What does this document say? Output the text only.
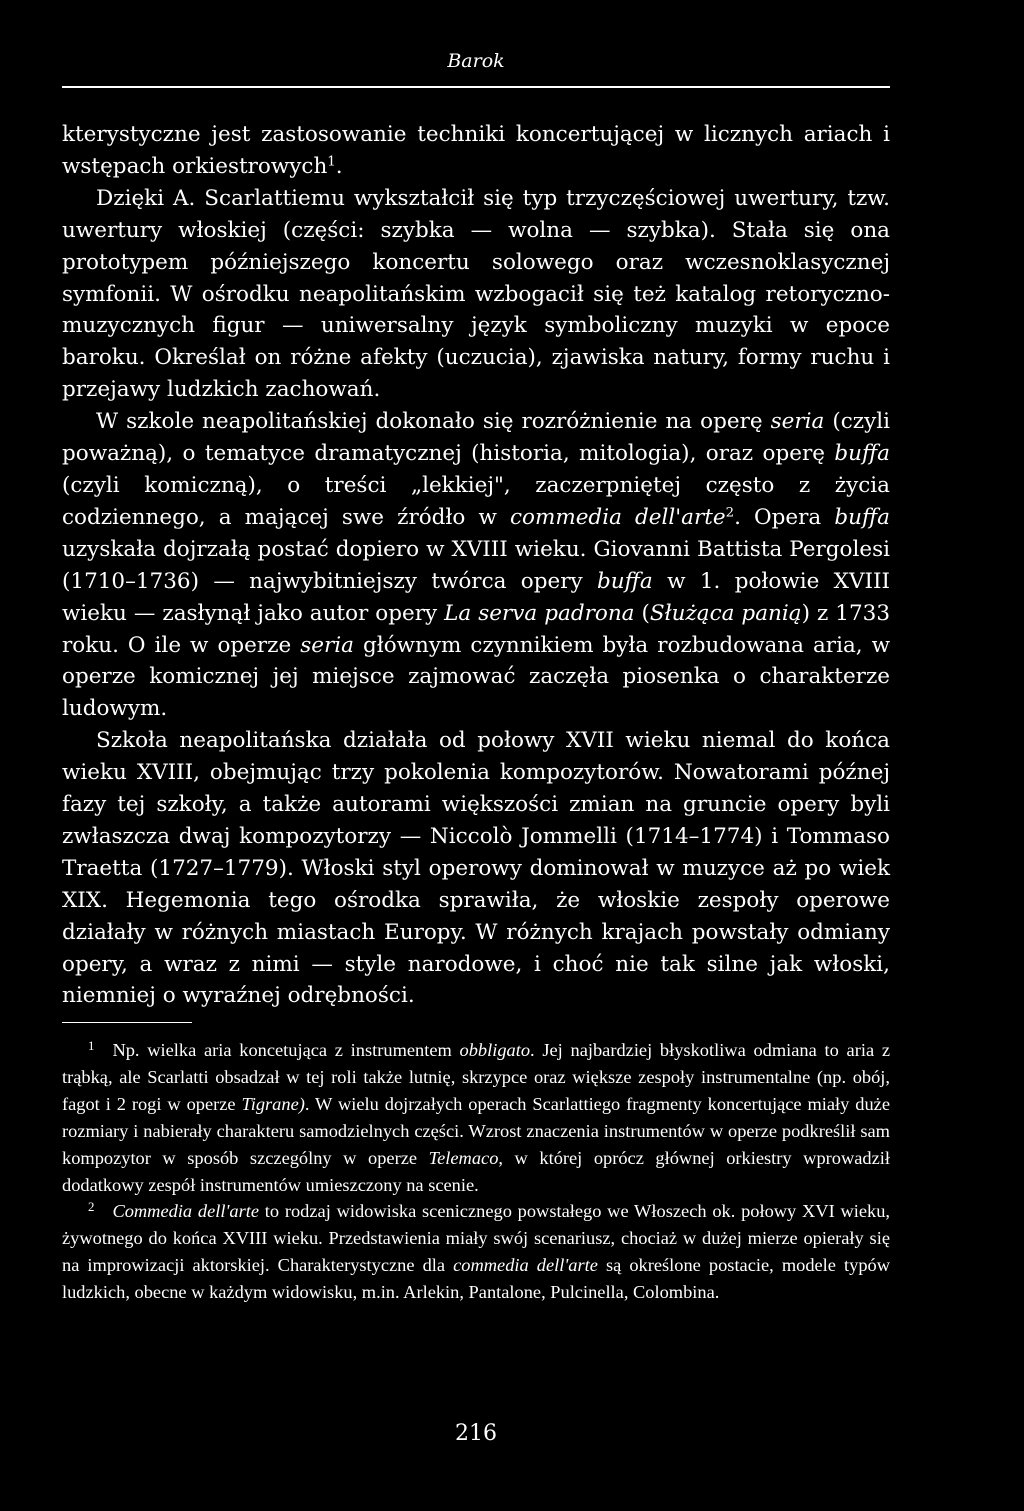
Barok

kterystyczne jest zastosowanie techniki koncertującej w licznych ariach i wstępach orkiestrowych$^1$.

Dzięki A. Scarlattiemu wykształcił się typ trzyczęściowej uwertury, tzw. uwertury włoskiej (części: szybka — wolna — szybka). Stała się ona prototypem późniejszego koncertu solowego oraz wczesnoklasycznej symfonii. W ośrodku neapolitańskim wzbogacił się też katalog retoryczno-muzycznych figur — uniwersalny język symboliczny muzyki w epoce baroku. Określał on różne afekty (uczucia), zjawiska natury, formy ruchu i przejawy ludzkich zachowań.

W szkole neapolitańskiej dokonało się rozróżnienie na operę seria (czyli poważną), o tematyce dramatycznej (historia, mitologia), oraz operę buffa (czyli komiczną), o treści „lekkiej", zaczerpniętej często z życia codziennego, a mającej swe źródło w commedia dell'arte$^2$. Opera buffa uzyskała dojrzałą postać dopiero w XVIII wieku. Giovanni Battista Pergolesi (1710–1736) — najwybitniejszy twórca opery buffa w 1. połowie XVIII wieku — zasłynął jako autor opery La serva padrona (Służąca panią) z 1733 roku. O ile w operze seria głównym czynnikiem była rozbudowana aria, w operze komicznej jej miejsce zajmować zaczęła piosenka o charakterze ludowym.

Szkoła neapolitańska działała od połowy XVII wieku niemal do końca wieku XVIII, obejmując trzy pokolenia kompozytorów. Nowatorami późnej fazy tej szkoły, a także autorami większości zmian na gruncie opery byli zwłaszcza dwaj kompozytorzy — Niccolò Jommelli (1714–1774) i Tommaso Traetta (1727–1779). Włoski styl operowy dominował w muzyce aż po wiek XIX. Hegemonia tego ośrodka sprawiła, że włoskie zespoły operowe działały w różnych miastach Europy. W różnych krajach powstały odmiany opery, a wraz z nimi — style narodowe, i choć nie tak silne jak włoski, niemniej o wyraźnej odrębności.

$^1$ Np. wielka aria koncetująca z instrumentem obbligato. Jej najbardziej błyskotliwa odmiana to aria z trąbką, ale Scarlatti obsadzał w tej roli także lutnię, skrzypce oraz większe zespoły instrumentalne (np. obój, fagot i 2 rogi w operze Tigrane). W wielu dojrzałych operach Scarlattiego fragmenty koncertujące miały duże rozmiary i nabierały charakteru samodzielnych części. Wzrost znaczenia instrumentów w operze podkreślił sam kompozytor w sposób szczególny w operze Telemaco, w której oprócz głównej orkiestry wprowadził dodatkowy zespół instrumentów umieszczony na scenie.

$^2$ Commedia dell'arte to rodzaj widowiska scenicznego powstałego we Włoszech ok. połowy XVI wieku, żywotnego do końca XVIII wieku. Przedstawienia miały swój scenariusz, chociaż w dużej mierze opierały się na improwizacji aktorskiej. Charakterystyczne dla commedia dell'arte są określone postacie, modele typów ludzkich, obecne w każdym widowisku, m.in. Arlekin, Pantalone, Pulcinella, Colombina.

216
